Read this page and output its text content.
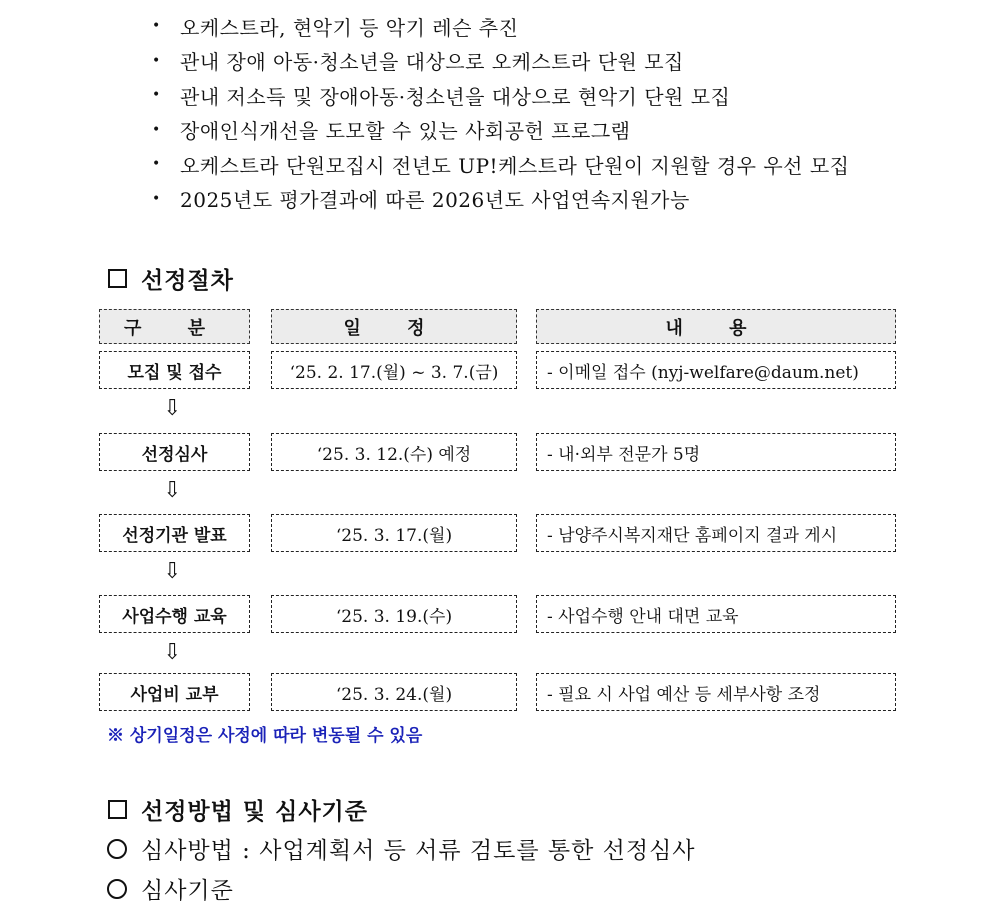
• 오케스트라, 현악기 등 악기 레슨 추진
• 관내 장애 아동·청소년을 대상으로 오케스트라 단원 모집
• 관내 저소득 및 장애아동·청소년을 대상으로 현악기 단원 모집
• 장애인식개선을 도모할 수 있는 사회공헌 프로그램
• 오케스트라 단원모집시 전년도 UP!케스트라 단원이 지원할 경우 우선 모집
• 2025년도 평가결과에 따른 2026년도 사업연속지원가능
선정절차
구 분	일 정	내 용
모집 및 접수	‘25. 2. 17.(월) ~ 3. 7.(금)	- 이메일 접수 (nyj-welfare@daum.net)
⇩
선정심사	‘25. 3. 12.(수) 예정	- 내·외부 전문가 5명
⇩
선정기관 발표	‘25. 3. 17.(월)	- 남양주시복지재단 홈페이지 결과 게시
⇩
사업수행 교육	‘25. 3. 19.(수)	- 사업수행 안내 대면 교육
⇩
사업비 교부	‘25. 3. 24.(월)	- 필요 시 사업 예산 등 세부사항 조정
※ 상기일정은 사정에 따라 변동될 수 있음
선정방법 및 심사기준
심사방법 : 사업계획서 등 서류 검토를 통한 선정심사
심사기준
